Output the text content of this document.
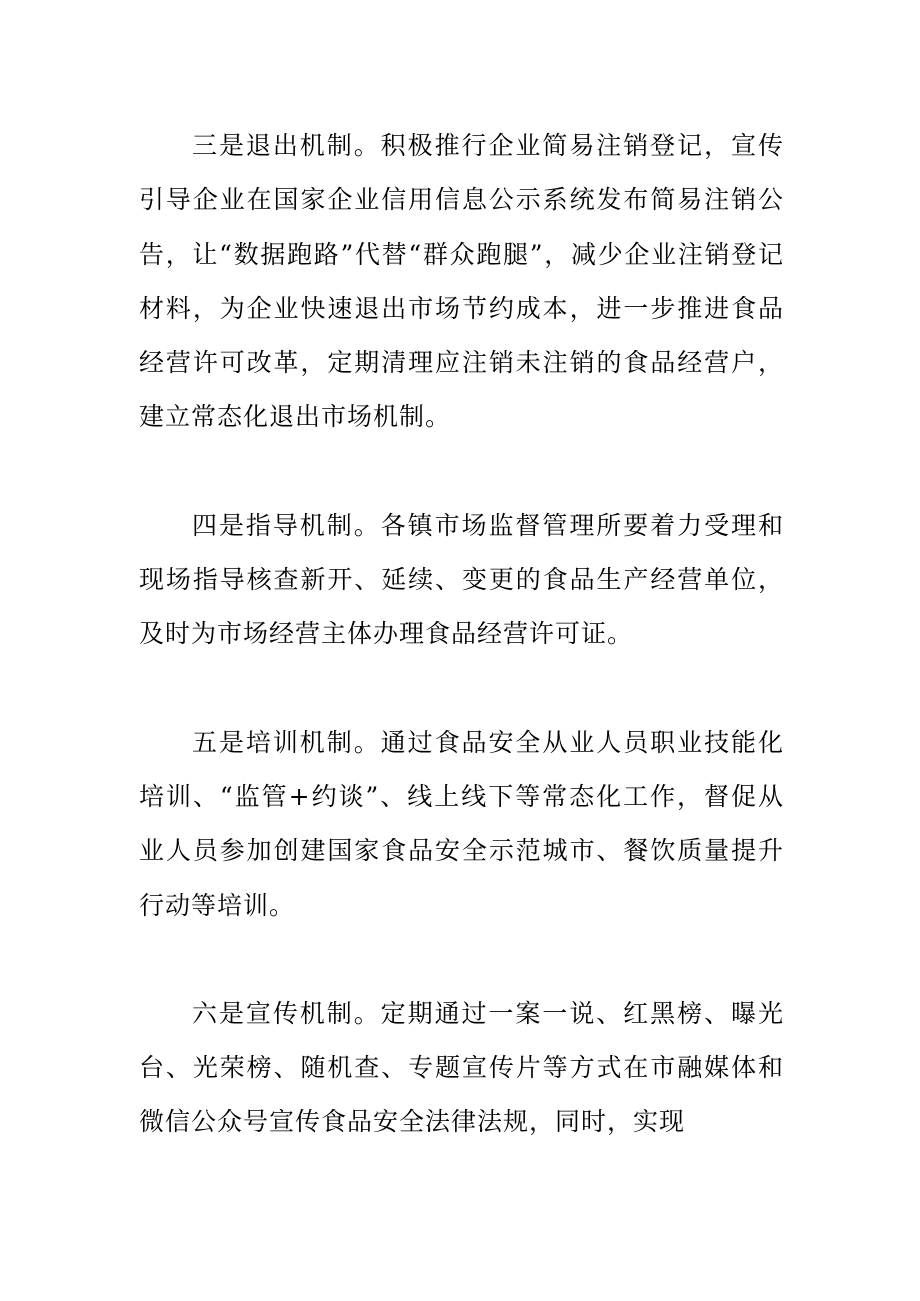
三是退出机制。积极推行企业简易注销登记，宣传引导企业在国家企业信用信息公示系统发布简易注销公告，让“数据跑路”代替“群众跑腿”，减少企业注销登记材料，为企业快速退出市场节约成本，进一步推进食品经营许可改革，定期清理应注销未注销的食品经营户，建立常态化退出市场机制。

四是指导机制。各镇市场监督管理所要着力受理和现场指导核查新开、延续、变更的食品生产经营单位，及时为市场经营主体办理食品经营许可证。

五是培训机制。通过食品安全从业人员职业技能化培训、“监管+约谈”、线上线下等常态化工作，督促从业人员参加创建国家食品安全示范城市、餐饮质量提升行动等培训。

六是宣传机制。定期通过一案一说、红黑榜、曝光台、光荣榜、随机查、专题宣传片等方式在市融媒体和微信公众号宣传食品安全法律法规，同时，实现
